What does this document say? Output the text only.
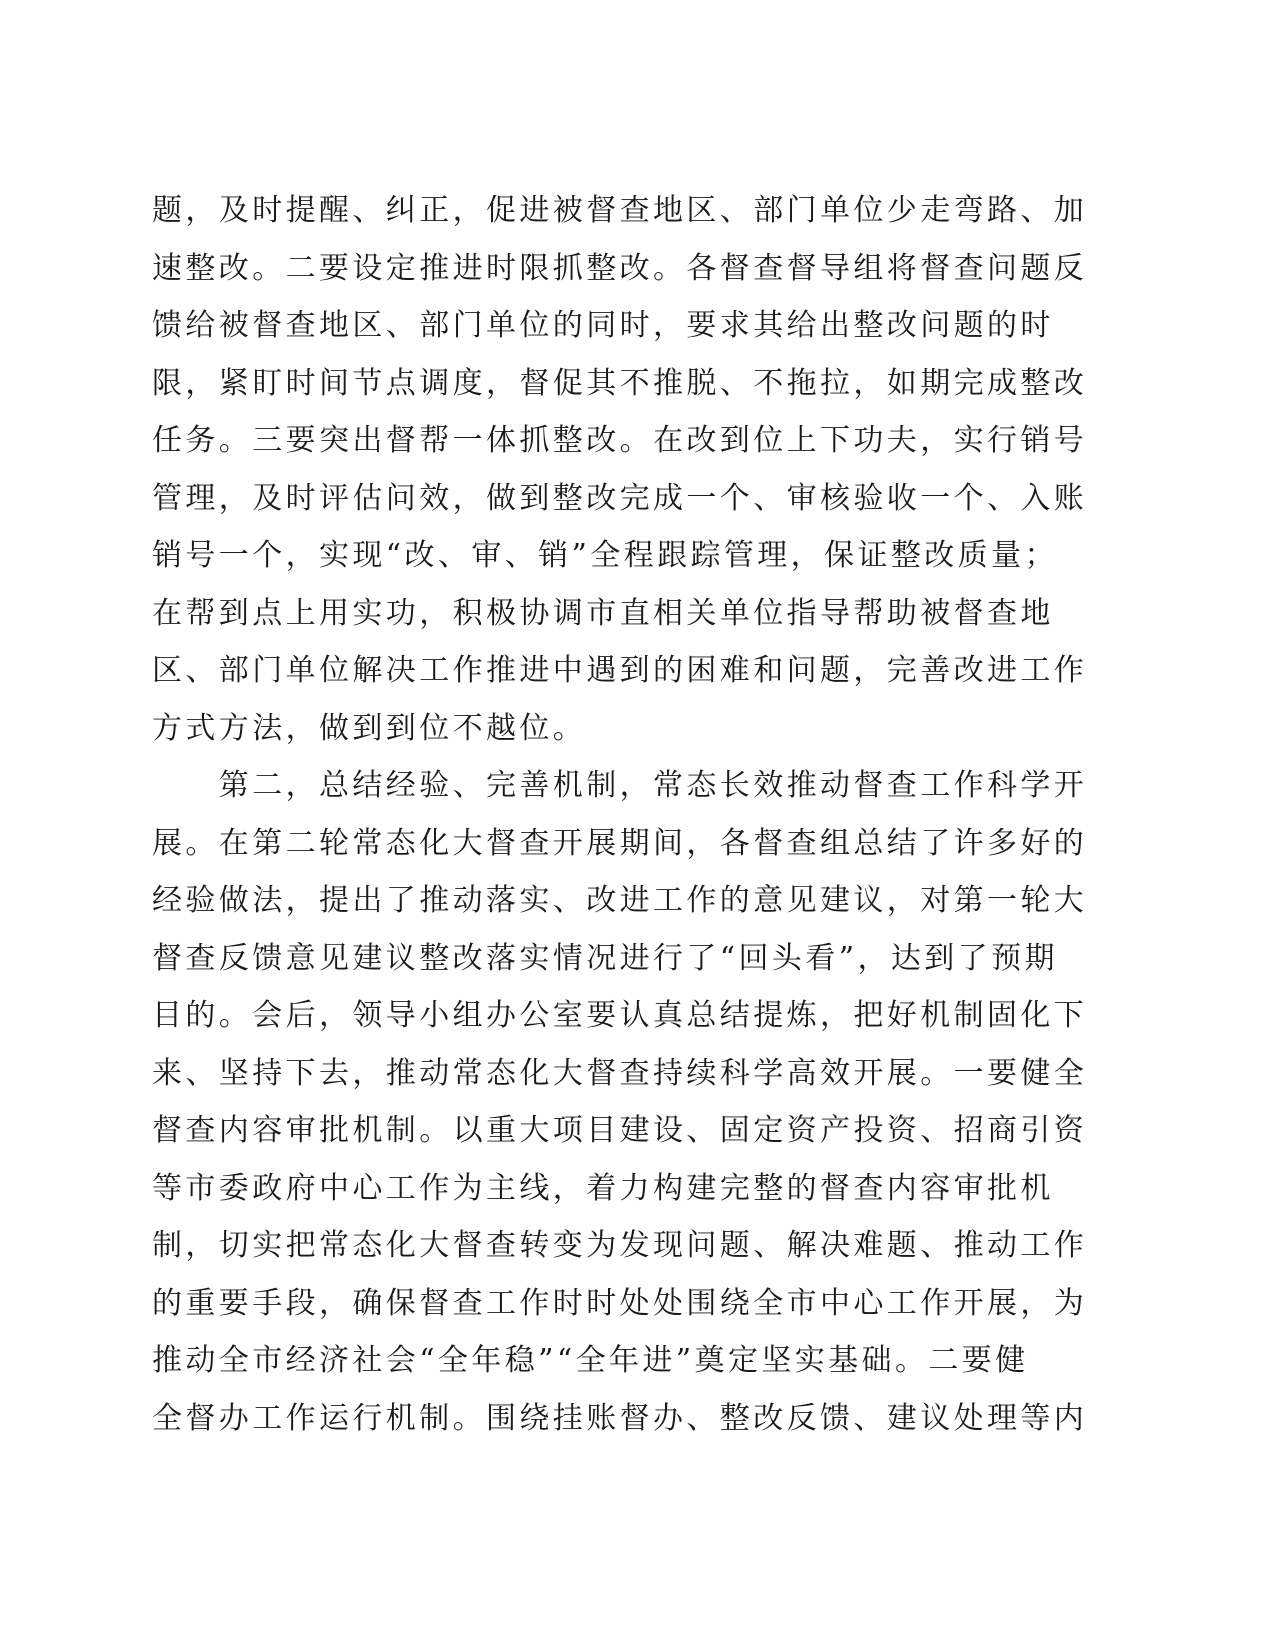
题，及时提醒、纠正，促进被督查地区、部门单位少走弯路、加
速整改。二要设定推进时限抓整改。各督查督导组将督查问题反
馈给被督查地区、部门单位的同时，要求其给出整改问题的时
限，紧盯时间节点调度，督促其不推脱、不拖拉，如期完成整改
任务。三要突出督帮一体抓整改。在改到位上下功夫，实行销号
管理，及时评估问效，做到整改完成一个、审核验收一个、入账
销号一个，实现“改、审、销”全程跟踪管理，保证整改质量；
在帮到点上用实功，积极协调市直相关单位指导帮助被督查地
区、部门单位解决工作推进中遇到的困难和问题，完善改进工作
方式方法，做到到位不越位。
　　第二，总结经验、完善机制，常态长效推动督查工作科学开
展。在第二轮常态化大督查开展期间，各督查组总结了许多好的
经验做法，提出了推动落实、改进工作的意见建议，对第一轮大
督查反馈意见建议整改落实情况进行了“回头看”，达到了预期
目的。会后，领导小组办公室要认真总结提炼，把好机制固化下
来、坚持下去，推动常态化大督查持续科学高效开展。一要健全
督查内容审批机制。以重大项目建设、固定资产投资、招商引资
等市委政府中心工作为主线，着力构建完整的督查内容审批机
制，切实把常态化大督查转变为发现问题、解决难题、推动工作
的重要手段，确保督查工作时时处处围绕全市中心工作开展，为
推动全市经济社会“全年稳”“全年进”奠定坚实基础。二要健
全督办工作运行机制。围绕挂账督办、整改反馈、建议处理等内
